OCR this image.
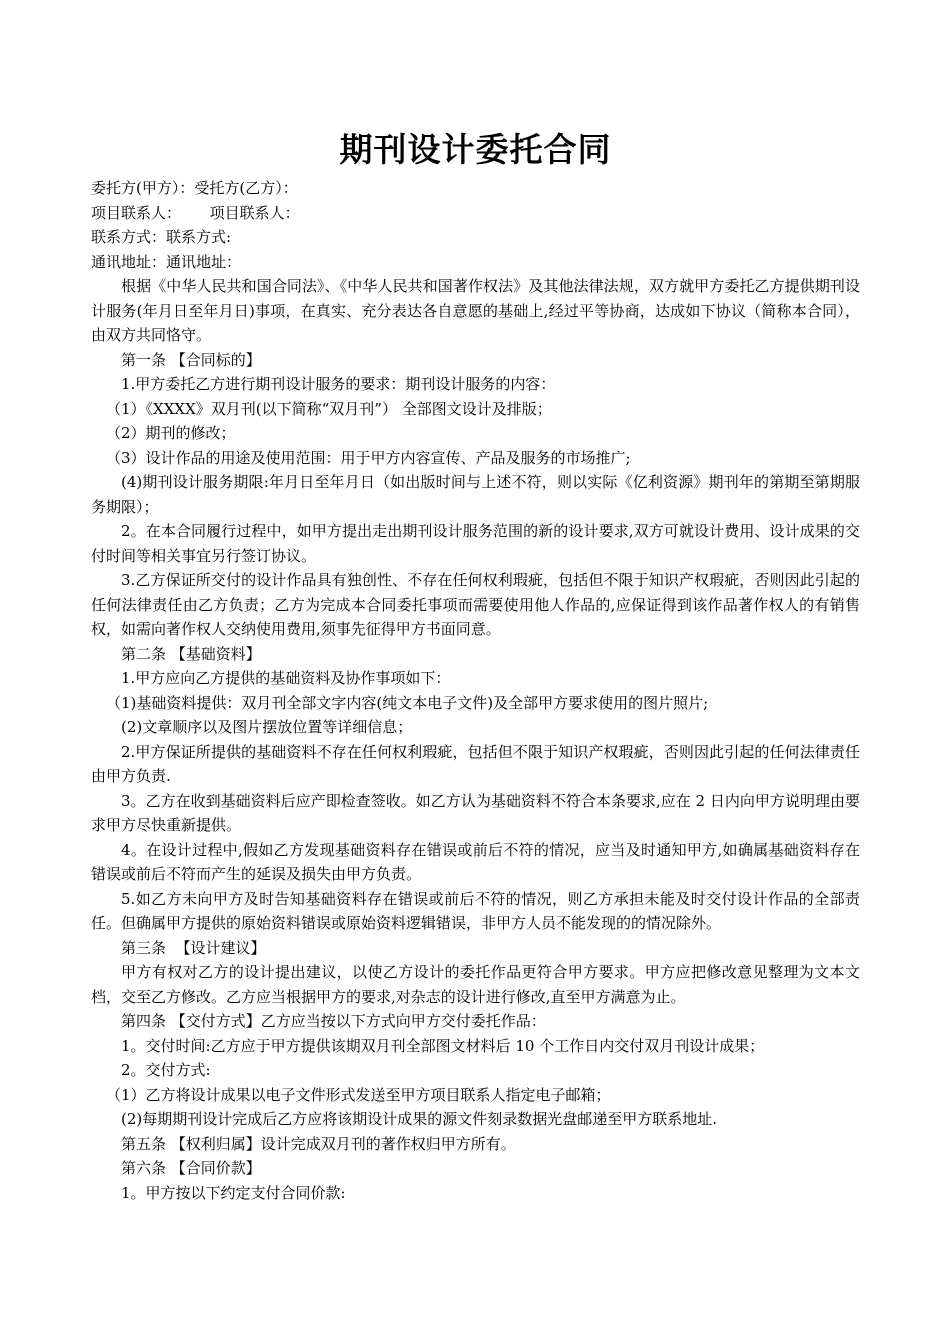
期刊设计委托合同

委托方(甲方）：受托方(乙方）：

项目联系人：      项目联系人：

联系方式：联系方式:

通讯地址：通讯地址：

根据《中华人民共和国合同法》、《中华人民共和国著作权法》及其他法律法规，双方就甲方委托乙方提供期刊设计服务(年月日至年月日)事项，在真实、充分表达各自意愿的基础上,经过平等协商，达成如下协议（简称本合同），由双方共同恪守。

第一条 【合同标的】

1.甲方委托乙方进行期刊设计服务的要求：期刊设计服务的内容：

（1）《XXXX》双月刊(以下简称“双月刊”） 全部图文设计及排版；

（2）期刊的修改；

（3）设计作品的用途及使用范围：用于甲方内容宣传、产品及服务的市场推广;

(4)期刊设计服务期限:年月日至年月日（如出版时间与上述不符，则以实际《亿利资源》期刊年的第期至第期服务期限）；

2。在本合同履行过程中，如甲方提出走出期刊设计服务范围的新的设计要求,双方可就设计费用、设计成果的交付时间等相关事宜另行签订协议。

3.乙方保证所交付的设计作品具有独创性、不存在任何权利瑕疵，包括但不限于知识产权瑕疵，否则因此引起的任何法律责任由乙方负责；乙方为完成本合同委托事项而需要使用他人作品的,应保证得到该作品著作权人的有销售权，如需向著作权人交纳使用费用,须事先征得甲方书面同意。

第二条 【基础资料】

1.甲方应向乙方提供的基础资料及协作事项如下：

（1)基础资料提供：双月刊全部文字内容(纯文本电子文件)及全部甲方要求使用的图片照片;

(2)文章顺序以及图片摆放位置等详细信息；

2.甲方保证所提供的基础资料不存在任何权利瑕疵，包括但不限于知识产权瑕疵，否则因此引起的任何法律责任由甲方负责.

3。乙方在收到基础资料后应产即检查签收。如乙方认为基础资料不符合本条要求,应在 2 日内向甲方说明理由要求甲方尽快重新提供。

4。在设计过程中,假如乙方发现基础资料存在错误或前后不符的情况，应当及时通知甲方,如确属基础资料存在错误或前后不符而产生的延误及损失由甲方负责。

5.如乙方未向甲方及时告知基础资料存在错误或前后不符的情况，则乙方承担未能及时交付设计作品的全部责任。但确属甲方提供的原始资料错误或原始资料逻辑错误，非甲方人员不能发现的的情况除外。

第三条  【设计建议】

甲方有权对乙方的设计提出建议，以使乙方设计的委托作品更符合甲方要求。甲方应把修改意见整理为文本文档，交至乙方修改。乙方应当根据甲方的要求,对杂志的设计进行修改,直至甲方满意为止。

第四条 【交付方式】乙方应当按以下方式向甲方交付委托作品：

1。交付时间:乙方应于甲方提供该期双月刊全部图文材料后 10 个工作日内交付双月刊设计成果；

2。交付方式:

（1）乙方将设计成果以电子文件形式发送至甲方项目联系人指定电子邮箱；

(2)每期期刊设计完成后乙方应将该期设计成果的源文件刻录数据光盘邮递至甲方联系地址.

第五条 【权利归属】设计完成双月刊的著作权归甲方所有。

第六条 【合同价款】

1。甲方按以下约定支付合同价款:
